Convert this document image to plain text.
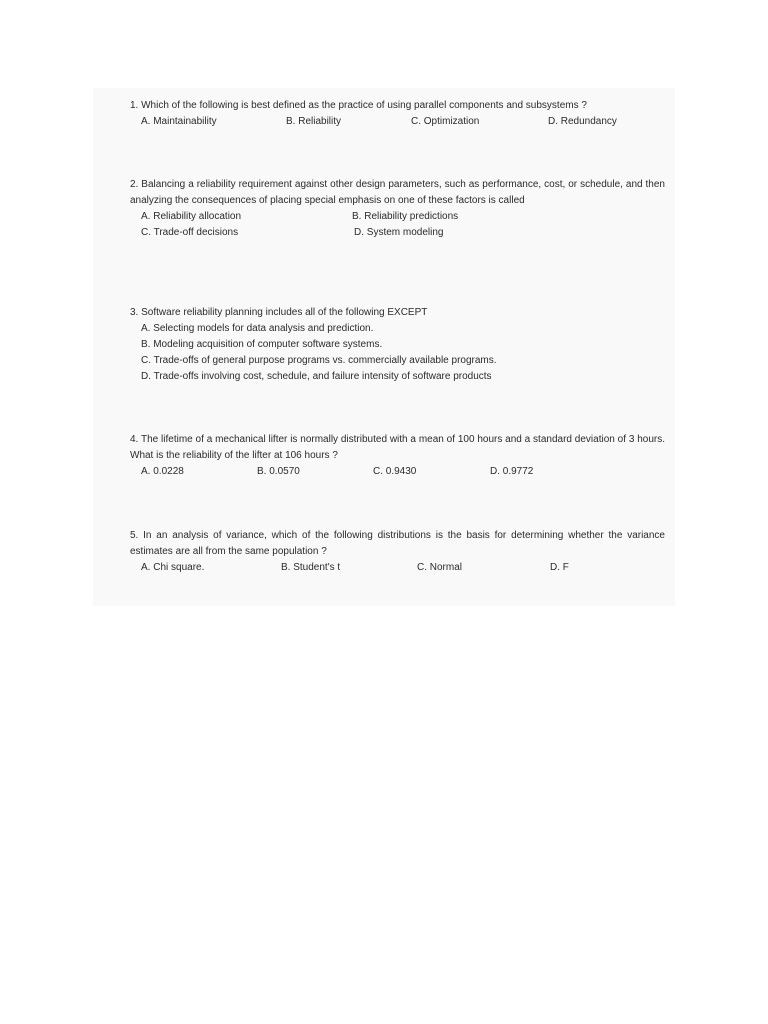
1. Which of the following is best defined as the practice of using parallel components and subsystems ?
A. Maintainability	B. Reliability	C. Optimization	D. Redundancy
2. Balancing a reliability requirement against other design parameters, such as performance, cost, or schedule, and then analyzing the consequences of placing special emphasis on one of these factors is called
A. Reliability allocation	B. Reliability predictions
C. Trade-off decisions	D. System modeling
3. Software reliability planning includes all of the following EXCEPT
A. Selecting models for data analysis and prediction.
B. Modeling acquisition of computer software systems.
C. Trade-offs of general purpose programs vs. commercially available programs.
D. Trade-offs involving cost, schedule, and failure intensity of software products
4. The lifetime of a mechanical lifter is normally distributed with a mean of 100 hours and a standard deviation of 3 hours. What is the reliability of the lifter at 106 hours ?
A. 0.0228	B. 0.0570	C. 0.9430	D. 0.9772
5. In an analysis of variance, which of the following distributions is the basis for determining whether the variance estimates are all from the same population ?
A. Chi square.	B. Student's t	C. Normal	D. F
